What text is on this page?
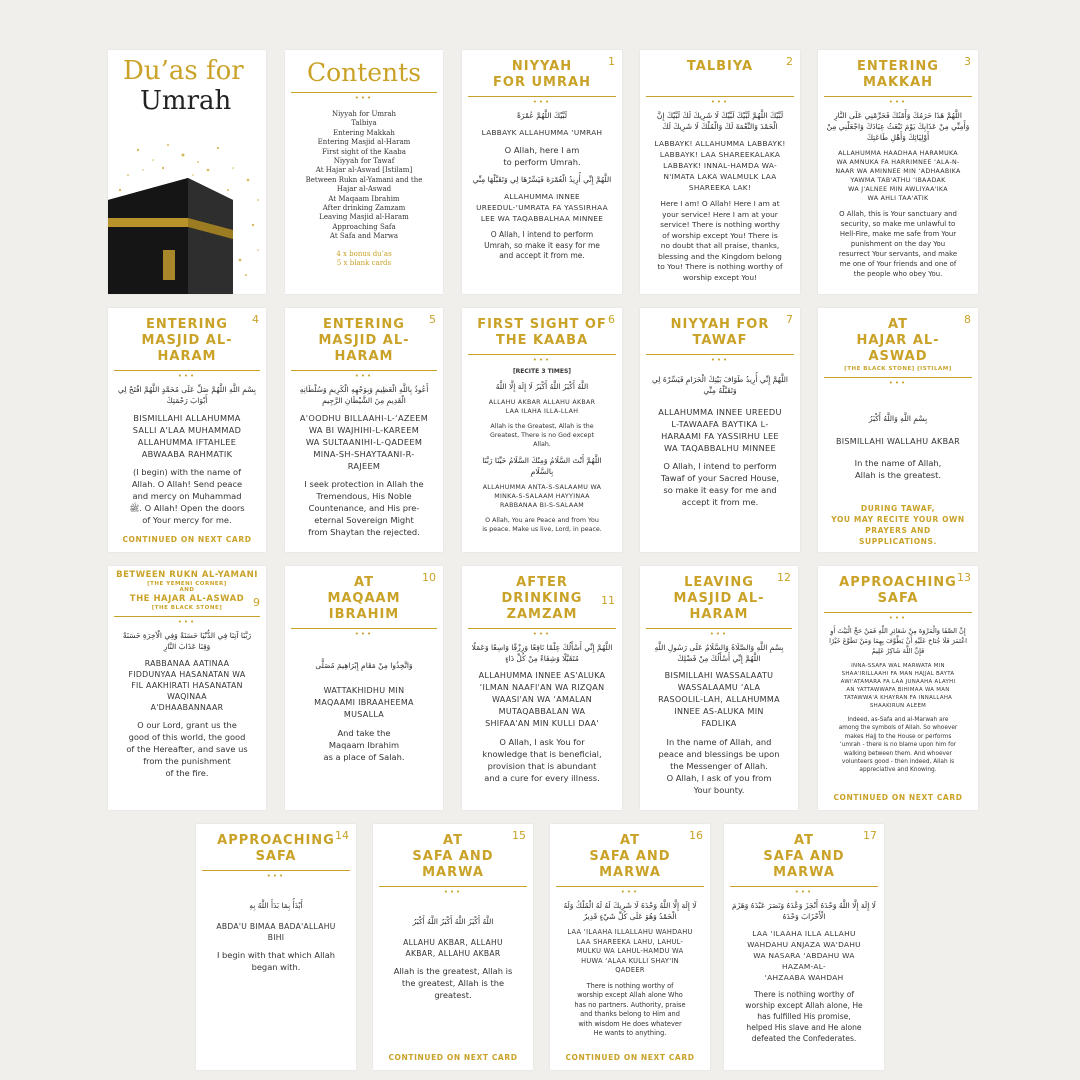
Du’as for
Umrah
Contents
•••
Niyyah for Umrah
Talbiya
Entering Makkah
Entering Masjid al-Haram
First sight of the Kaaba
Niyyah for Tawaf
At Hajar al-Aswad [Istilam]
Between Rukn al-Yamani and the
Hajar al-Aswad
At Maqaam Ibrahim
After drinking Zamzam
Leaving Masjid al-Haram
Approaching Safa
At Safa and Marwa
4 x bonus du’as
5 x blank cards
1
NIYYAH
FOR UMRAH
•••
لَبَّيْكَ اللَّهُمَّ عُمْرَةً
LABBAYK ALLAHUMMA ‘UMRAH
O Allah, here I am
to perform Umrah.
اللَّهُمَّ إِنِّي أُرِيدُ الْعُمْرَةَ فَيَسِّرْهَا لِي وَتَقَبَّلْهَا مِنِّي
ALLAHUMMA INNEE
UREEDUL-‘UMRATA FA YASSIRHAA
LEE WA TAQABBALHAA MINNEE
O Allah, I intend to perform
Umrah, so make it easy for me
and accept it from me.
2
TALBIYA
•••
لَبَّيْكَ اللَّهُمَّ لَبَّيْكَ لَبَّيْكَ لَا شَرِيكَ لَكَ لَبَّيْكَ إِنَّ الْحَمْدَ وَالنِّعْمَةَ لَكَ وَالْمُلْكَ لَا شَرِيكَ لَكَ
LABBAYK! ALLAHUMMA LABBAYK!
LABBAYK! LAA SHAREEKALAKA
LABBAYK! INNAL-HAMDA WA-
N'IMATA LAKA WALMULK LAA
SHAREEKA LAK!
Here I am! O Allah! Here I am at
your service! Here I am at your
service! There is nothing worthy
of worship except You! There is
no doubt that all praise, thanks,
blessing and the Kingdom belong
to You! There is nothing worthy of
worship except You!
3
ENTERING
MAKKAH
•••
اللَّهُمَّ هَذَا حَرَمُكَ وَأَمْنُكَ فَحَرِّمْنِي عَلَى النَّارِ وَأَمِنِّي مِنْ عَذَابِكَ يَوْمَ تَبْعَثُ عِبَادَكَ وَاجْعَلْنِي مِنْ أَوْلِيَائِكَ وَأَهْلِ طَاعَتِكَ
ALLAHUMMA HAADHAA HARAMUKA
WA AMNUKA FA HARRIMNEE ‘ALA-N-
NAAR WA AMINNEE MIN ‘ADHAABIKA
YAWMA TAB'ATHU ‘IBAADAK
WA J'ALNEE MIN AWLIYAA'IKA
WA AHLI TAA'ATIK
O Allah, this is Your sanctuary and
security, so make me unlawful to
Hell-Fire, make me safe from Your
punishment on the day You
resurrect Your servants, and make
me one of Your friends and one of
the people who obey You.
4
ENTERING
MASJID AL-HARAM
•••
بِسْمِ اللَّهِ اللَّهُمَّ صَلِّ عَلَى مُحَمَّدٍ اللَّهُمَّ افْتَحْ لِي أَبْوَابَ رَحْمَتِكَ
BISMILLAHI ALLAHUMMA
SALLI A'LAA MUHAMMAD
ALLAHUMMA IFTAHLEE
ABWAABA RAHMATIK
(I begin) with the name of
Allah. O Allah! Send peace
and mercy on Muhammad
ﷺ. O Allah! Open the doors
of Your mercy for me.
CONTINUED ON NEXT CARD
5
ENTERING
MASJID AL-HARAM
•••
أَعُوذُ بِاللَّهِ الْعَظِيمِ وَبِوَجْهِهِ الْكَرِيمِ وَسُلْطَانِهِ الْقَدِيمِ مِنَ الشَّيْطَانِ الرَّجِيمِ
A'OODHU BILLAAHI-L-‘AZEEM
WA BI WAJHIHI-L-KAREEM
WA SULTAANIHI-L-QADEEM
MINA-SH-SHAYTAANI-R-
RAJEEM
I seek protection in Allah the
Tremendous, His Noble
Countenance, and His pre-
eternal Sovereign Might
from Shaytan the rejected.
6
FIRST SIGHT OF
THE KAABA
•••
[RECITE 3 TIMES]
اللَّهُ أَكْبَرُ اللَّهُ أَكْبَرُ لَا إِلَهَ إِلَّا اللَّهُ
ALLAHU AKBAR ALLAHU AKBAR
LAA ILAHA ILLA-LLAH
Allah is the Greatest, Allah is the
Greatest, There is no God except
Allah.
اللَّهُمَّ أَنْتَ السَّلَامُ وَمِنْكَ السَّلَامُ حَيِّنَا رَبَّنَا بِالسَّلَامِ
ALLAHUMMA ANTA-S-SALAAMU WA
MINKA-S-SALAAM HAYYINAA
RABBANAA BI-S-SALAAM
O Allah, You are Peace and from You
is peace. Make us live, Lord, in peace.
7
NIYYAH FOR
TAWAF
•••
اللَّهُمَّ إِنِّي أُرِيدُ طَوَافَ بَيْتِكَ الْحَرَامِ فَيَسِّرْهُ لِي وَتَقَبَّلْهُ مِنِّي
ALLAHUMMA INNEE UREEDU
L-TAWAAFA BAYTIKA L-
HARAAMI FA YASSIRHU LEE
WA TAQABBALHU MINNEE
O Allah, I intend to perform
Tawaf of your Sacred House,
so make it easy for me and
accept it from me.
8
AT
HAJAR AL-ASWAD
[THE BLACK STONE] [ISTILAM]
•••
بِسْمِ اللَّهِ وَاللَّهُ أَكْبَرُ
BISMILLAHI WALLAHU AKBAR
In the name of Allah,
Allah is the greatest.
DURING TAWAF,
YOU MAY RECITE YOUR OWN
PRAYERS AND
SUPPLICATIONS.
BETWEEN RUKN AL-YAMANI
[THE YEMENI CORNER]
AND
THE HAJAR AL-ASWAD
[THE BLACK STONE]	9
•••
رَبَّنَا آتِنَا فِي الدُّنْيَا حَسَنَةً وَفِي الْآخِرَةِ حَسَنَةً وَقِنَا عَذَابَ النَّارِ
RABBANAA AATINAA
FIDDUNYAA HASANATAN WA
FIL AAKHIRATI HASANATAN
WAQINAA
A'DHAABANNAAR
O our Lord, grant us the
good of this world, the good
of the Hereafter, and save us
from the punishment
of the fire.
10
AT
MAQAAM IBRAHIM
•••
وَاتَّخِذُوا مِنْ مَقَامِ إِبْرَاهِيمَ مُصَلًّى
WATTAKHIDHU MIN
MAQAAMI IBRAAHEEMA
MUSALLA
And take the
Maqaam Ibrahim
as a place of Salah.
11
AFTER DRINKING
ZAMZAM
•••
اللَّهُمَّ إِنِّي أَسْأَلُكَ عِلْمًا نَافِعًا وَرِزْقًا وَاسِعًا وَعَمَلًا مُتَقَبَّلًا وَشِفَاءً مِنْ كُلِّ دَاءٍ
ALLAHUMMA INNEE AS'ALUKA
‘ILMAN NAAFI'AN WA RIZQAN
WAASI'AN WA ‘AMALAN
MUTAQABBALAN WA
SHIFAA'AN MIN KULLI DAA'
O Allah, I ask You for
knowledge that is beneficial,
provision that is abundant
and a cure for every illness.
12
LEAVING
MASJID AL-HARAM
•••
بِسْمِ اللَّهِ وَالصَّلَاةُ وَالسَّلَامُ عَلَى رَسُولِ اللَّهِ اللَّهُمَّ إِنِّي أَسْأَلُكَ مِنْ فَضْلِكَ
BISMILLAHI WASSALAATU
WASSALAAMU ‘ALA
RASOOLIL-LAH, ALLAHUMMA
INNEE AS-ALUKA MIN
FADLIKA
In the name of Allah, and
peace and blessings be upon
the Messenger of Allah.
O Allah, I ask of you from
Your bounty.
13
APPROACHING
SAFA
•••
إِنَّ الصَّفَا وَالْمَرْوَةَ مِنْ شَعَائِرِ اللَّهِ فَمَنْ حَجَّ الْبَيْتَ أَوِ اعْتَمَرَ فَلَا جُنَاحَ عَلَيْهِ أَنْ يَطَّوَّفَ بِهِمَا وَمَنْ تَطَوَّعَ خَيْرًا فَإِنَّ اللَّهَ شَاكِرٌ عَلِيمٌ
INNA-SSAFA WAL MARWATA MIN
SHAA'IRILLAAHI FA MAN HAJJAL BAYTA
AWI'ATAMARA FA LAA JUNAAHA ALAYHI
AN YATTAWWAFA BIHIMAA WA MAN
TATAWWA'A KHAYRAN FA INNALLAHA
SHAAKIRUN ALEEM
Indeed, as-Safa and al-Marwah are
among the symbols of Allah. So whoever
makes Hajj to the House or performs
‘umrah - there is no blame upon him for
walking between them. And whoever
volunteers good - then indeed, Allah is
appreciative and Knowing.
CONTINUED ON NEXT CARD
14
APPROACHING
SAFA
•••
أَبْدَأُ بِمَا بَدَأَ اللَّهُ بِهِ
ABDA'U BIMAA BADA'ALLAHU
BIHI
I begin with that which Allah
began with.
15
AT
SAFA AND MARWA
•••
اللَّهُ أَكْبَرُ اللَّهُ أَكْبَرُ اللَّهُ أَكْبَرُ
ALLAHU AKBAR, ALLAHU
AKBAR, ALLAHU AKBAR
Allah is the greatest, Allah is
the greatest, Allah is the
greatest.
CONTINUED ON NEXT CARD
16
AT
SAFA AND MARWA
•••
لَا إِلَهَ إِلَّا اللَّهُ وَحْدَهُ لَا شَرِيكَ لَهُ لَهُ الْمُلْكُ وَلَهُ الْحَمْدُ وَهُوَ عَلَى كُلِّ شَيْءٍ قَدِيرٌ
LAA ‘ILAAHA ILLALLAHU WAHDAHU
LAA SHAREEKA LAHU, LAHUL-
MULKU WA LAHUL-HAMDU WA
HUWA ‘ALAA KULLI SHAY'IN
QADEER
There is nothing worthy of
worship except Allah alone Who
has no partners. Authority, praise
and thanks belong to Him and
with wisdom He does whatever
He wants to anything.
CONTINUED ON NEXT CARD
17
AT
SAFA AND MARWA
•••
لَا إِلَهَ إِلَّا اللَّهُ وَحْدَهُ أَنْجَزَ وَعْدَهُ وَنَصَرَ عَبْدَهُ وَهَزَمَ الْأَحْزَابَ وَحْدَهُ
LAA ‘ILAAHA ILLA ALLAHU
WAHDAHU ANJAZA WA'DAHU
WA NASARA ‘ABDAHU WA
HAZAM-AL-
‘AHZAABA WAHDAH
There is nothing worthy of
worship except Allah alone, He
has fulfilled His promise,
helped His slave and He alone
defeated the Confederates.
